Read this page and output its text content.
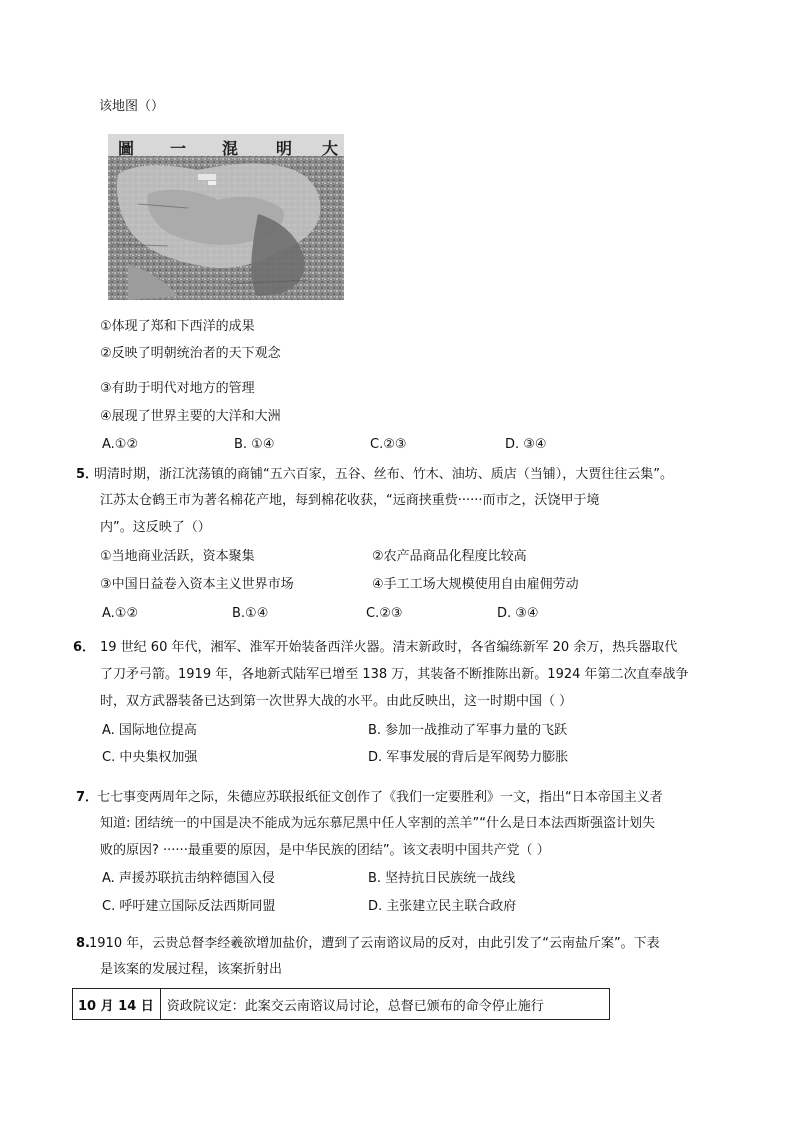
该地图（）
圖 一 混 明 大
①体现了郑和下西洋的成果
②反映了明朝统治者的天下观念
③有助于明代对地方的管理
④展现了世界主要的大洋和大洲
A.①②	B. ①④	C.②③	D. ③④
5．
明清时期，浙江沈荡镇的商铺“五六百家，五谷、丝布、竹木、油坊、质店（当铺），大贾往往云集”。
江苏太仓鹤王市为著名棉花产地，每到棉花收获，“远商挟重赀······而市之，沃饶甲于境
内”。这反映了（）
①当地商业活跃，资本聚集	②农产品商品化程度比较高
③中国日益卷入资本主义世界市场	④手工工场大规模使用自由雇佣劳动
A.①②	B.①④	C.②③	D. ③④
6． 19 世纪 60 年代，湘军、淮军开始装备西洋火器。清末新政时，各省编练新军 20 余万，热兵器取代
了刀矛弓箭。1919 年，各地新式陆军已增至 138 万，其装备不断推陈出新。1924 年第二次直奉战争
时，双方武器装备已达到第一次世界大战的水平。由此反映出，这一时期中国（ ）
A. 国际地位提高	B. 参加一战推动了军事力量的飞跃
C. 中央集权加强	D. 军事发展的背后是军阀势力膨胀
7．
七七事变两周年之际，朱德应苏联报纸征文创作了《我们一定要胜利》一文，指出“日本帝国主义者
知道: 团结统一的中国是决不能成为远东慕尼黑中任人宰割的羔羊”“什么是日本法西斯强盗计划失
败的原因? ······最重要的原因，是中华民族的团结”。该文表明中国共产党（ ）
A. 声援苏联抗击纳粹德国入侵	B. 坚持抗日民族统一战线
C. 呼吁建立国际反法西斯同盟	D. 主张建立民主联合政府
8. 1910 年，云贵总督李经羲欲增加盐价，遭到了云南谘议局的反对，由此引发了“云南盐斤案”。下表
是该案的发展过程，该案折射出
10 月 14 日	资政院议定：此案交云南谘议局讨论，总督已颁布的命令停止施行
